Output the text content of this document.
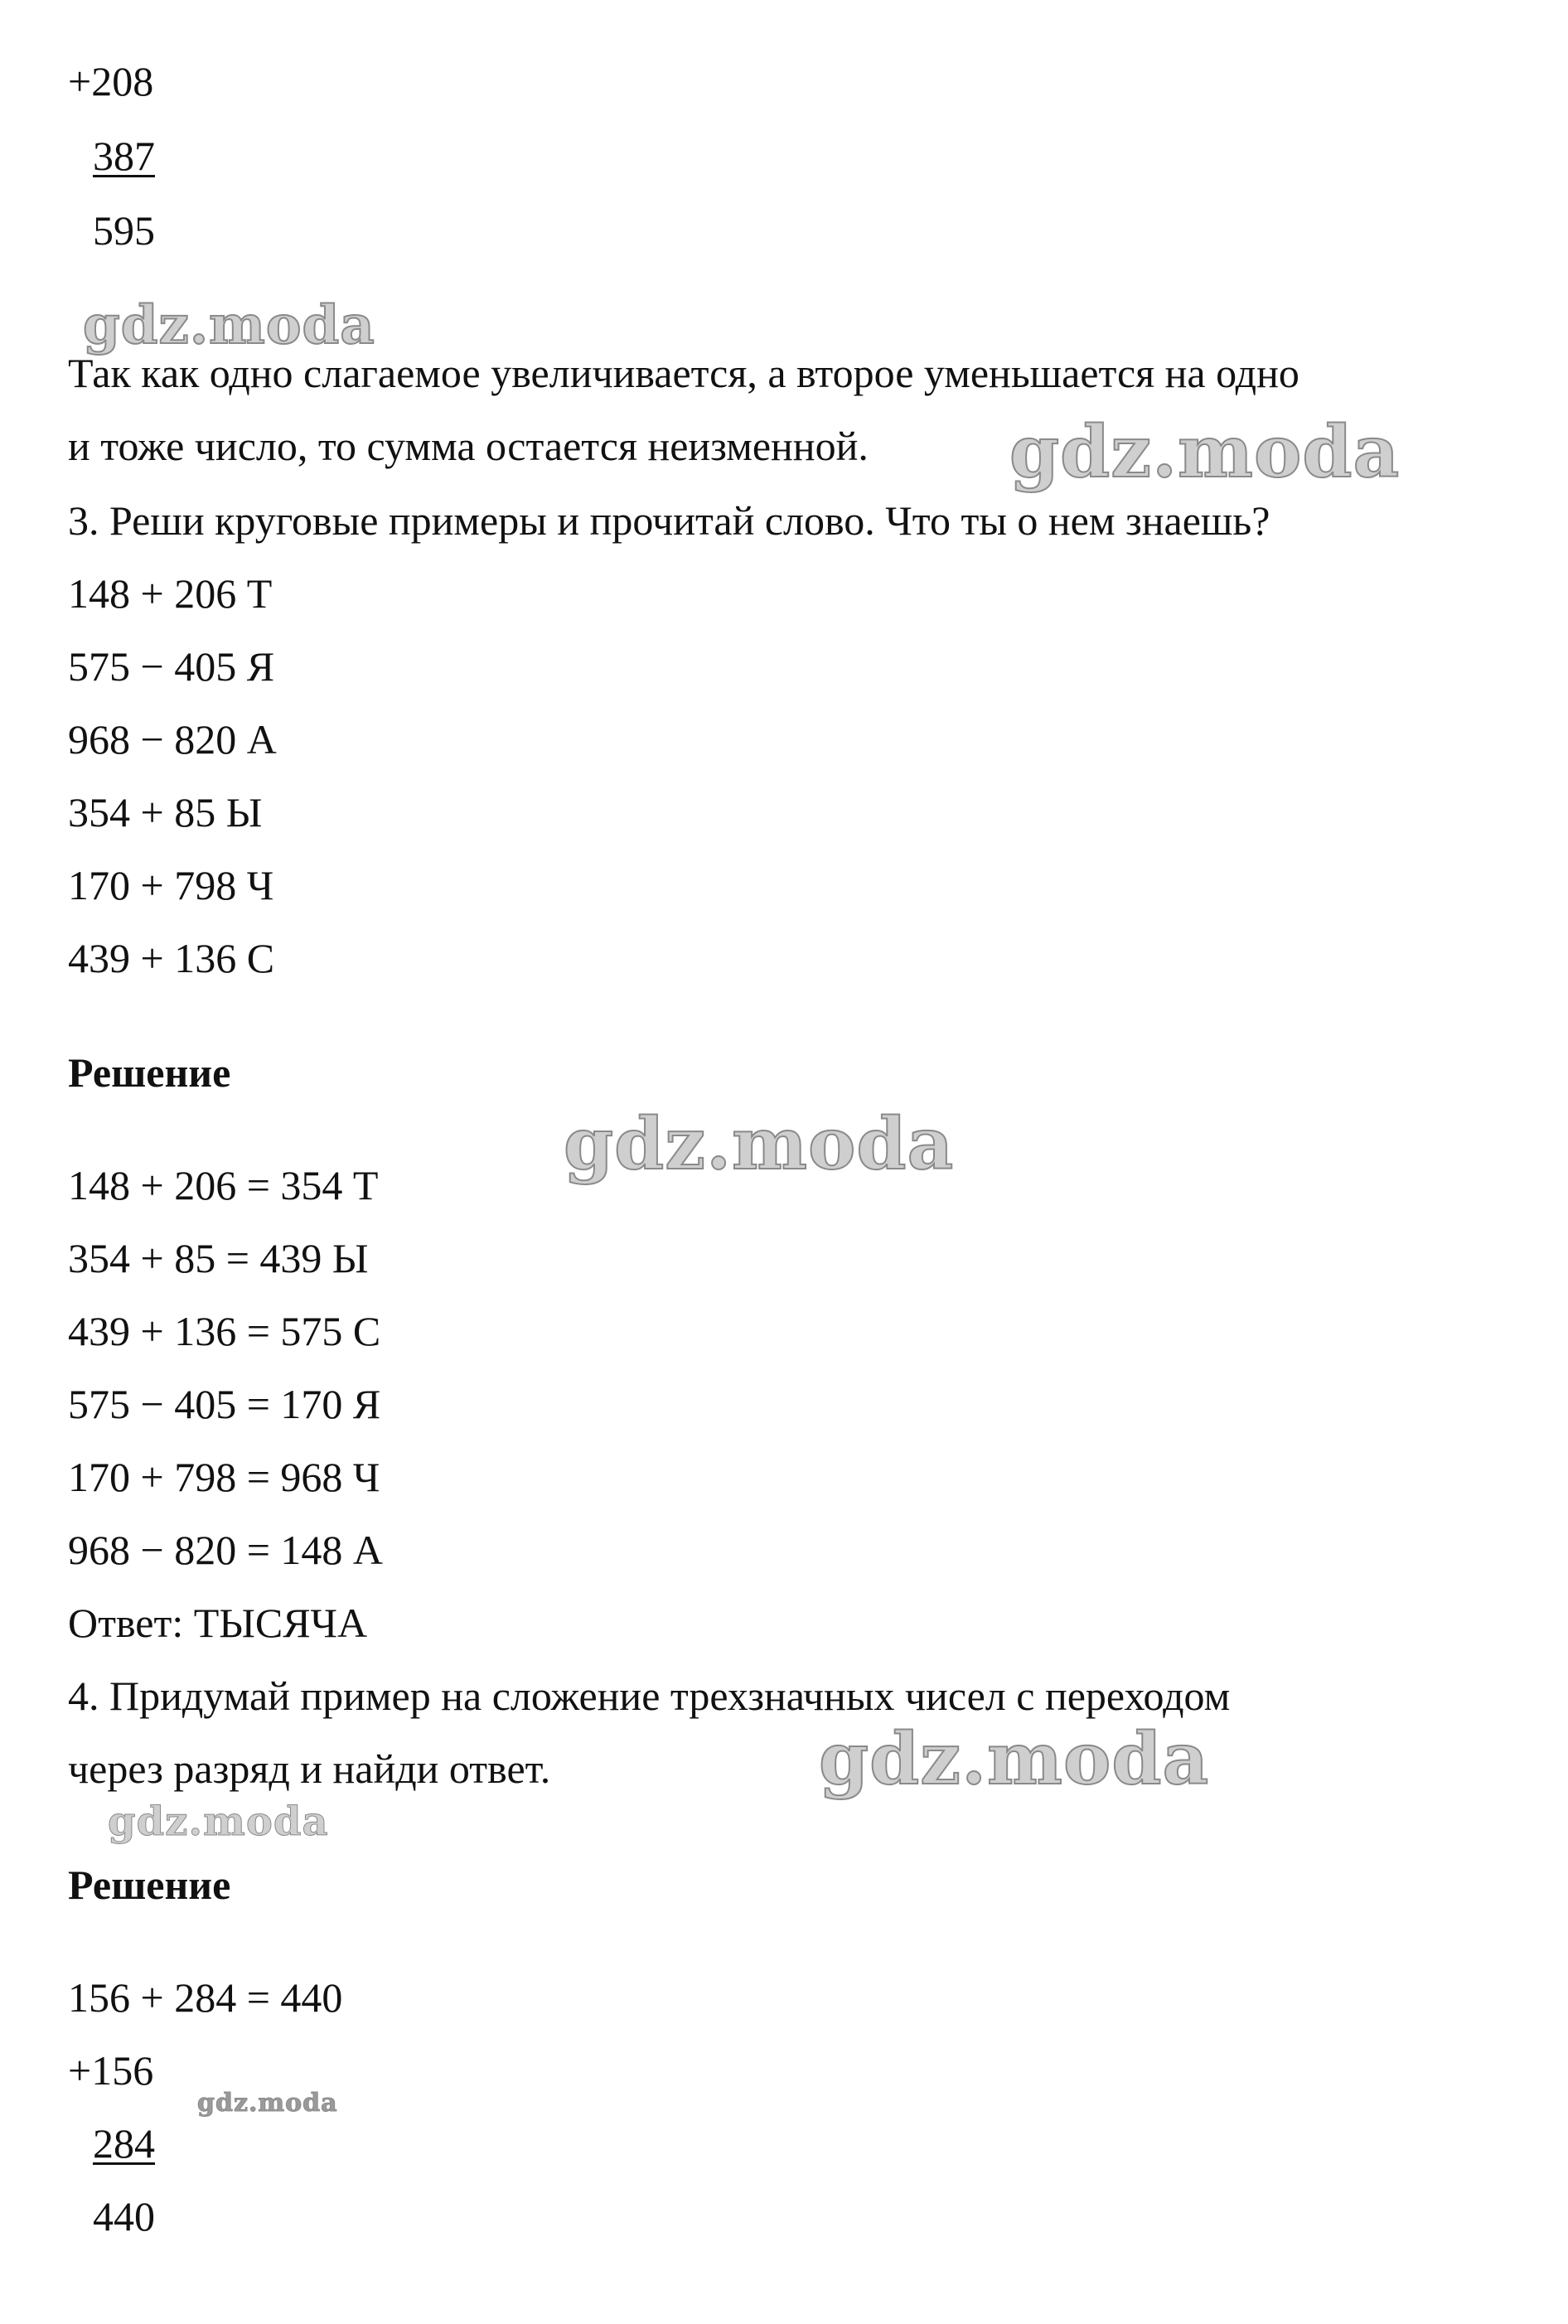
+208
387
595
Так как одно слагаемое увеличивается, а второе уменьшается на одно
и тоже число, то сумма остается неизменной.
3. Реши круговые примеры и прочитай слово. Что ты о нем знаешь?
148 + 206 Т
575 − 405 Я
968 − 820 А
354 + 85 Ы
170 + 798 Ч
439 + 136 С
Решение
148 + 206 = 354 Т
354 + 85 = 439 Ы
439 + 136 = 575 С
575 − 405 = 170 Я
170 + 798 = 968 Ч
968 − 820 = 148 А
Ответ: ТЫСЯЧА
4. Придумай пример на сложение трехзначных чисел с переходом
через разряд и найди ответ.
Решение
156 + 284 = 440
+156
284
440
gdz.moda
gdz.moda
gdz.moda
gdz.moda
gdz.moda
gdz.moda
